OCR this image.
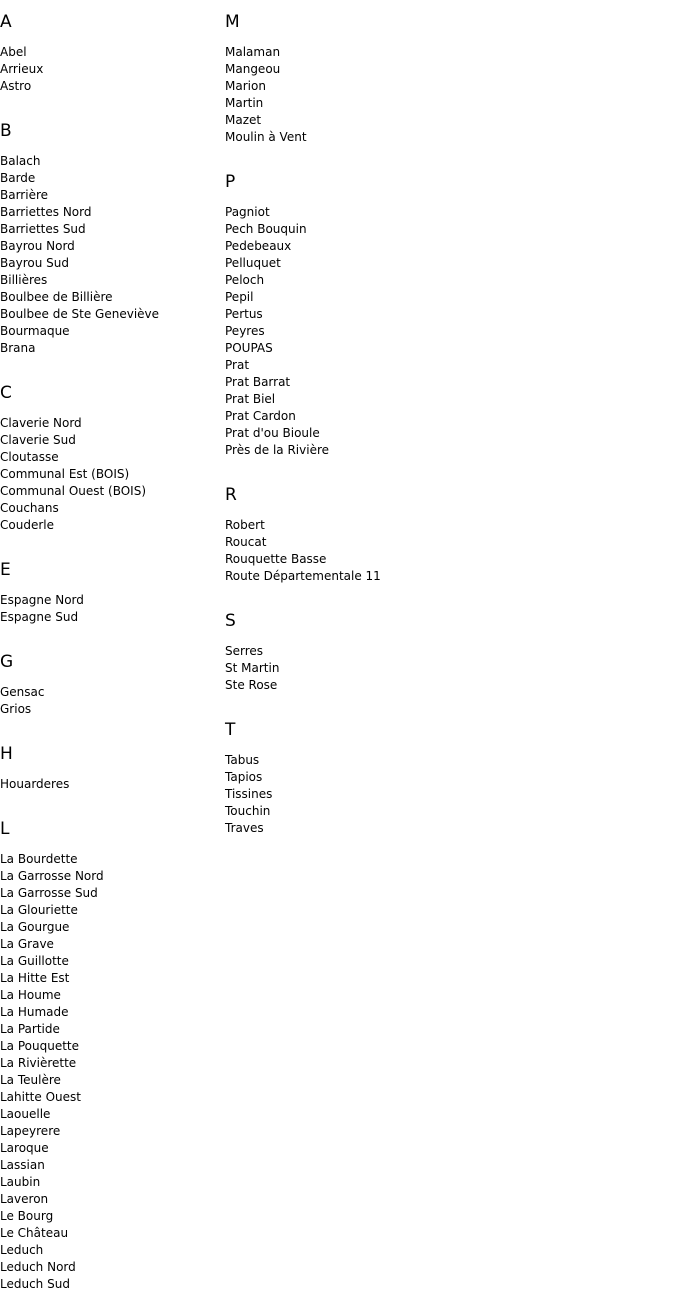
A
Abel
Arrieux
Astro
B
Balach
Barde
Barrière
Barriettes Nord
Barriettes Sud
Bayrou Nord
Bayrou Sud
Billières
Boulbee de Billière
Boulbee de Ste Geneviève
Bourmaque
Brana
C
Claverie Nord
Claverie Sud
Cloutasse
Communal Est (BOIS)
Communal Ouest (BOIS)
Couchans
Couderle
E
Espagne Nord
Espagne Sud
G
Gensac
Grios
H
Houarderes
L
La Bourdette
La Garrosse Nord
La Garrosse Sud
La Glouriette
La Gourgue
La Grave
La Guillotte
La Hitte Est
La Houme
La Humade
La Partide
La Pouquette
La Rivièrette
La Teulère
Lahitte Ouest
Laouelle
Lapeyrere
Laroque
Lassian
Laubin
Laveron
Le Bourg
Le Château
Leduch
Leduch Nord
Leduch Sud
M
Malaman
Mangeou
Marion
Martin
Mazet
Moulin à Vent
P
Pagniot
Pech Bouquin
Pedebeaux
Pelluquet
Peloch
Pepil
Pertus
Peyres
POUPAS
Prat
Prat Barrat
Prat Biel
Prat Cardon
Prat d'ou Bioule
Près de la Rivière
R
Robert
Roucat
Rouquette Basse
Route Départementale 11
S
Serres
St Martin
Ste Rose
T
Tabus
Tapios
Tissines
Touchin
Traves
